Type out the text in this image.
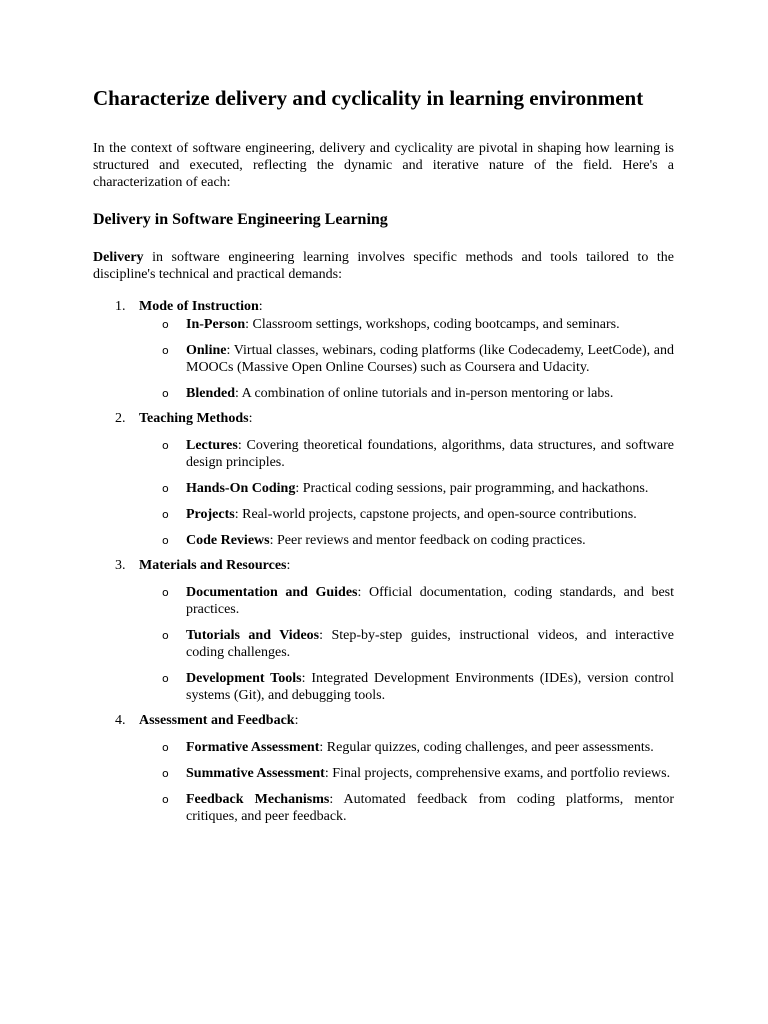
Characterize delivery and cyclicality in learning environment

In the context of software engineering, delivery and cyclicality are pivotal in shaping how learning is structured and executed, reflecting the dynamic and iterative nature of the field. Here's a characterization of each:

Delivery in Software Engineering Learning

Delivery in software engineering learning involves specific methods and tools tailored to the discipline's technical and practical demands:

1. Mode of Instruction:
o In-Person: Classroom settings, workshops, coding bootcamps, and seminars.
o Online: Virtual classes, webinars, coding platforms (like Codecademy, LeetCode), and MOOCs (Massive Open Online Courses) such as Coursera and Udacity.
o Blended: A combination of online tutorials and in-person mentoring or labs.
2. Teaching Methods:
o Lectures: Covering theoretical foundations, algorithms, data structures, and software design principles.
o Hands-On Coding: Practical coding sessions, pair programming, and hackathons.
o Projects: Real-world projects, capstone projects, and open-source contributions.
o Code Reviews: Peer reviews and mentor feedback on coding practices.
3. Materials and Resources:
o Documentation and Guides: Official documentation, coding standards, and best practices.
o Tutorials and Videos: Step-by-step guides, instructional videos, and interactive coding challenges.
o Development Tools: Integrated Development Environments (IDEs), version control systems (Git), and debugging tools.
4. Assessment and Feedback:
o Formative Assessment: Regular quizzes, coding challenges, and peer assessments.
o Summative Assessment: Final projects, comprehensive exams, and portfolio reviews.
o Feedback Mechanisms: Automated feedback from coding platforms, mentor critiques, and peer feedback.
